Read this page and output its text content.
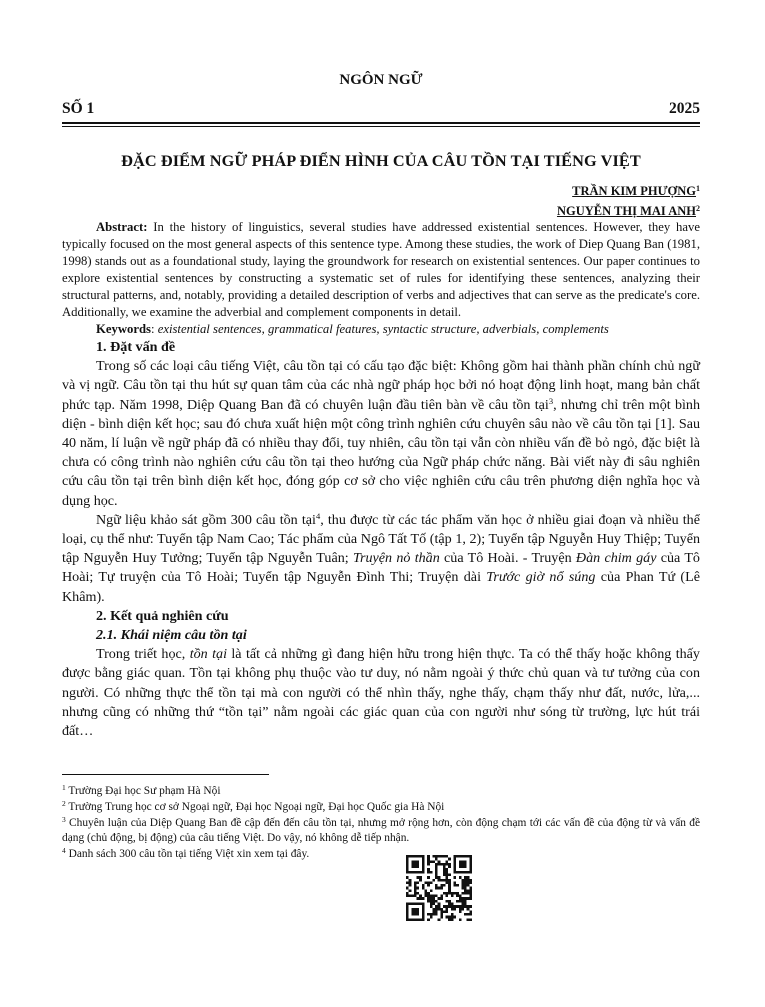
NGÔN NGỮ
SỐ 1	2025
ĐẶC ĐIỂM NGỮ PHÁP ĐIỂN HÌNH CỦA CÂU TỒN TẠI TIẾNG VIỆT
TRẦN KIM PHƯỢNG$^1$
NGUYỄN THỊ MAI ANH$^2$

Abstract: In the history of linguistics, several studies have addressed existential sentences. However, they have typically focused on the most general aspects of this sentence type. Among these studies, the work of Diep Quang Ban (1981, 1998) stands out as a foundational study, laying the groundwork for research on existential sentences. Our paper continues to explore existential sentences by constructing a systematic set of rules for identifying these sentences, analyzing their structural patterns, and, notably, providing a detailed description of verbs and adjectives that can serve as the predicate's core. Additionally, we examine the adverbial and complement components in detail.

Keywords: existential sentences, grammatical features, syntactic structure, adverbials, complements

1. Đặt vấn đề

Trong số các loại câu tiếng Việt, câu tồn tại có cấu tạo đặc biệt: Không gồm hai thành phần chính chủ ngữ và vị ngữ. Câu tồn tại thu hút sự quan tâm của các nhà ngữ pháp học bởi nó hoạt động linh hoạt, mang bản chất phức tạp. Năm 1998, Diệp Quang Ban đã có chuyên luận đầu tiên bàn về câu tồn tại$^3$, nhưng chỉ trên một bình diện - bình diện kết học; sau đó chưa xuất hiện một công trình nghiên cứu chuyên sâu nào về câu tồn tại [1]. Sau 40 năm, lí luận về ngữ pháp đã có nhiều thay đổi, tuy nhiên, câu tồn tại vẫn còn nhiều vấn đề bỏ ngỏ, đặc biệt là chưa có công trình nào nghiên cứu câu tồn tại theo hướng của Ngữ pháp chức năng. Bài viết này đi sâu nghiên cứu câu tồn tại trên bình diện kết học, đóng góp cơ sở cho việc nghiên cứu câu trên phương diện nghĩa học và dụng học.

Ngữ liệu khảo sát gồm 300 câu tồn tại$^4$, thu được từ các tác phẩm văn học ở nhiều giai đoạn và nhiều thể loại, cụ thể như: Tuyển tập Nam Cao; Tác phẩm của Ngô Tất Tố (tập 1, 2); Tuyển tập Nguyễn Huy Thiệp; Tuyển tập Nguyễn Huy Tưởng; Tuyển tập Nguyễn Tuân; Truyện nỏ thần của Tô Hoài. - Truyện Đàn chim gáy của Tô Hoài; Tự truyện của Tô Hoài; Tuyển tập Nguyễn Đình Thi; Truyện dài Trước giờ nổ súng của Phan Tứ (Lê Khâm).

2. Kết quả nghiên cứu

2.1. Khái niệm câu tồn tại

Trong triết học, tồn tại là tất cả những gì đang hiện hữu trong hiện thực. Ta có thể thấy hoặc không thấy được bằng giác quan. Tồn tại không phụ thuộc vào tư duy, nó nằm ngoài ý thức chủ quan và tư tưởng của con người. Có những thực thể tồn tại mà con người có thể nhìn thấy, nghe thấy, chạm thấy như đất, nước, lửa,... nhưng cũng có những thứ “tồn tại” nằm ngoài các giác quan của con người như sóng từ trường, lực hút trái đất…

$^1$ Trường Đại học Sư phạm Hà Nội
$^2$ Trường Trung học cơ sở Ngoại ngữ, Đại học Ngoại ngữ, Đại học Quốc gia Hà Nội
$^3$ Chuyên luận của Diệp Quang Ban đề cập đến đến câu tồn tại, nhưng mở rộng hơn, còn động chạm tới các vấn đề của động từ và vấn đề dạng (chủ động, bị động) của câu tiếng Việt. Do vậy, nó không dễ tiếp nhận.
$^4$ Danh sách 300 câu tồn tại tiếng Việt xin xem tại đây.
